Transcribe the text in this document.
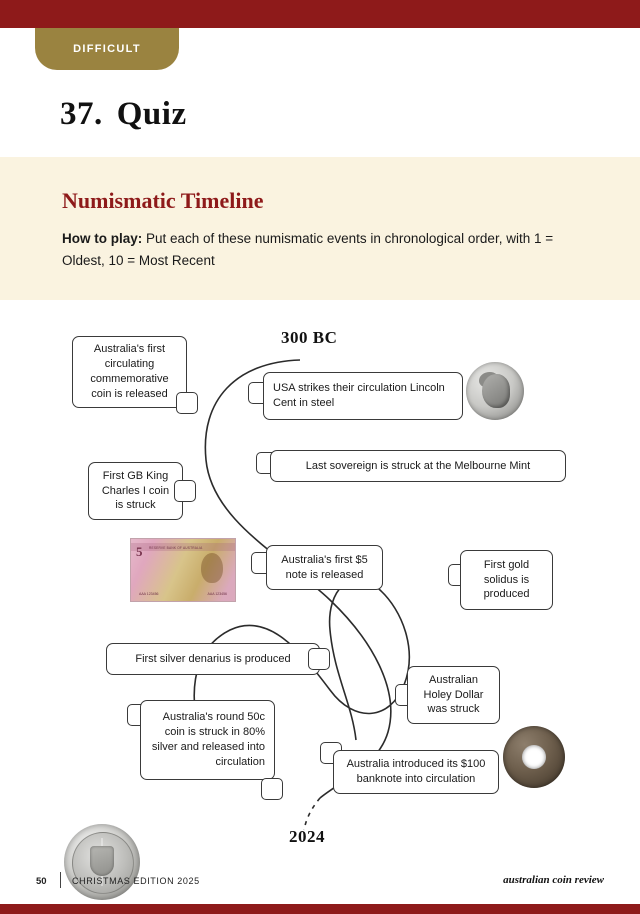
DIFFICULT
37. Quiz
Numismatic Timeline
How to play: Put each of these numismatic events in chronological order, with 1 = Oldest, 10 = Most Recent
300 BC
2024
Australia's first circulating commemorative coin is released	USA strikes their circulation Lincoln Cent in steel
Last sovereign is struck at the Melbourne Mint
First GB King Charles I coin is struck
5 RESERVE BANK OF AUSTRALIA
AAA 123456	AAA 123456
Australia's first $5 note is released
First gold solidus is produced
First silver denarius is produced
Australian Holey Dollar was struck
Australia's round 50c coin is struck in 80% silver and released into circulation	Australia introduced its $100 banknote into circulation
50	CHRISTMAS EDITION 2025	australian coin review
